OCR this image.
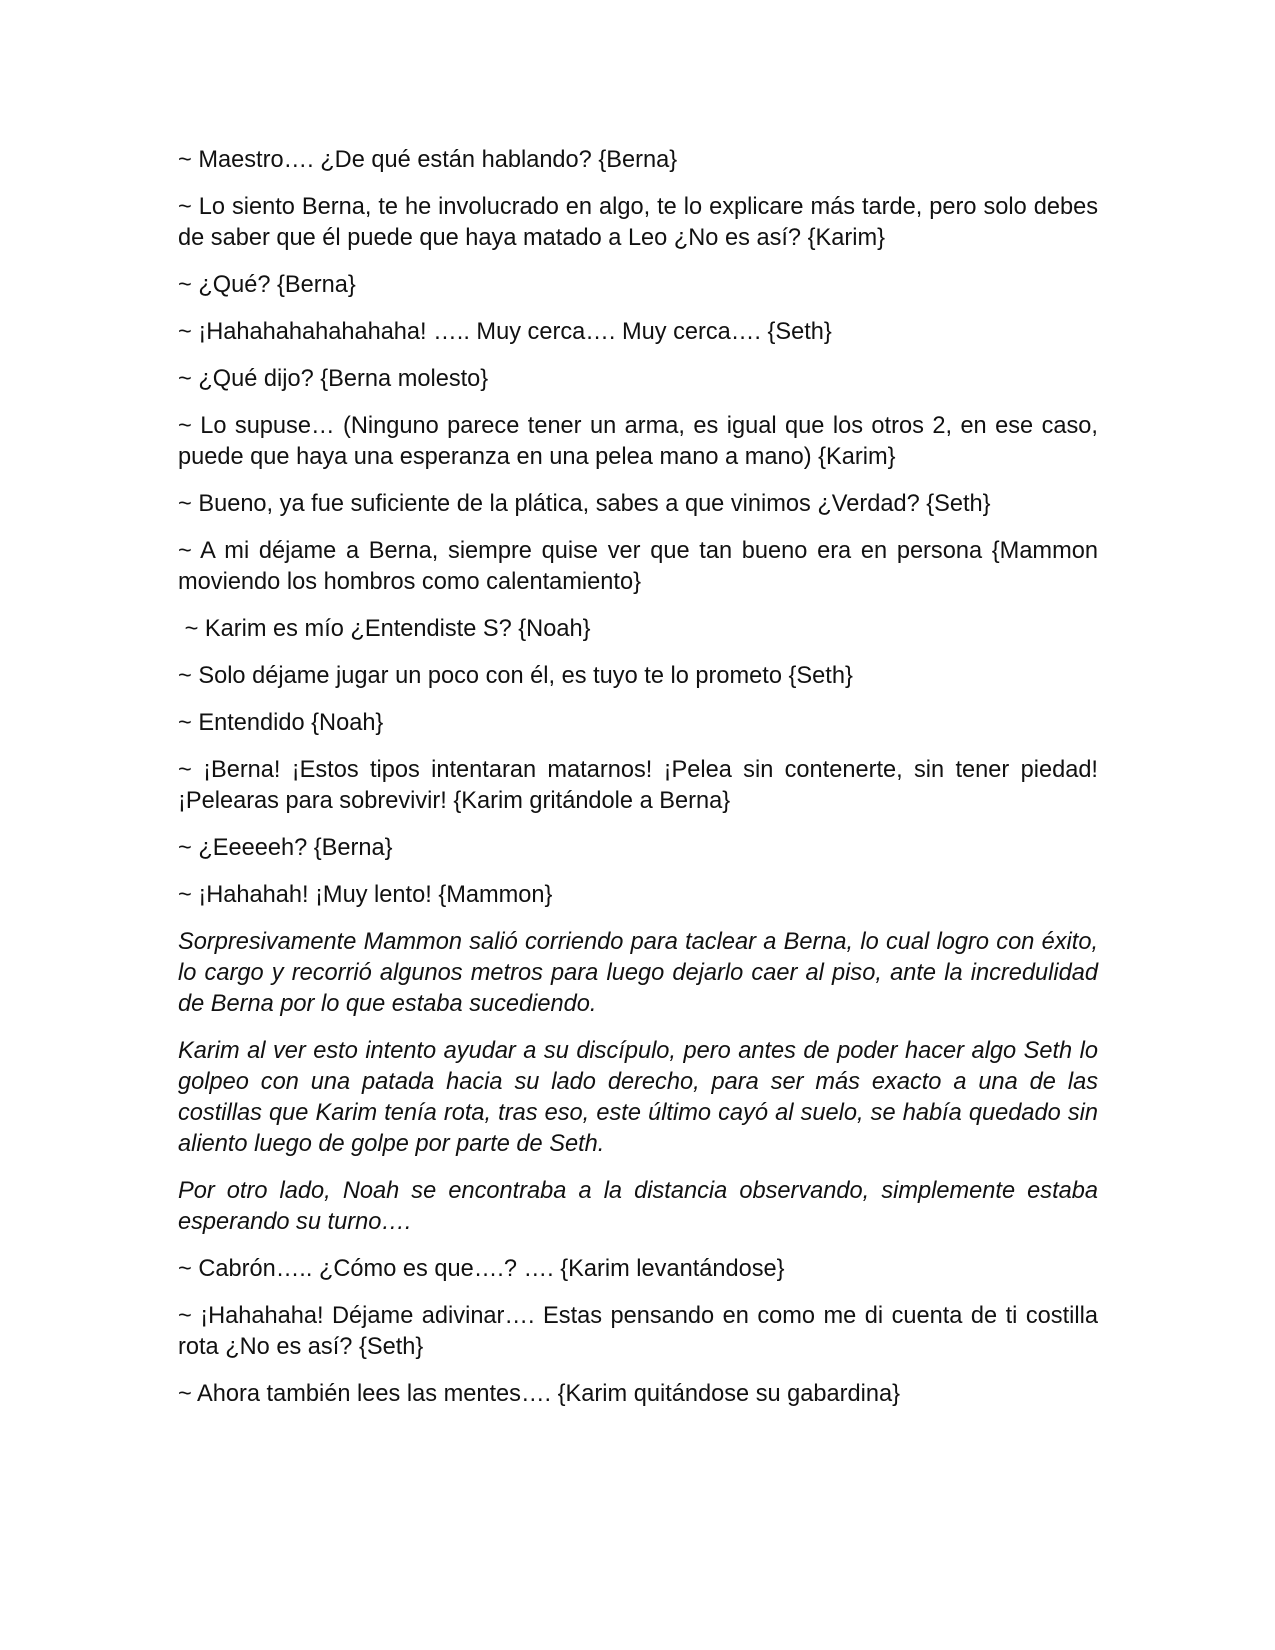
~ Maestro…. ¿De qué están hablando? {Berna}

~ Lo siento Berna, te he involucrado en algo, te lo explicare más tarde, pero solo debes de saber que él puede que haya matado a Leo ¿No es así? {Karim}

~ ¿Qué? {Berna}

~ ¡Hahahahahahahaha! ….. Muy cerca…. Muy cerca…. {Seth}

~ ¿Qué dijo? {Berna molesto}

~ Lo supuse… (Ninguno parece tener un arma, es igual que los otros 2, en ese caso, puede que haya una esperanza en una pelea mano a mano) {Karim}

~ Bueno, ya fue suficiente de la plática, sabes a que vinimos ¿Verdad? {Seth}

~ A mi déjame a Berna, siempre quise ver que tan bueno era en persona {Mammon moviendo los hombros como calentamiento}

~ Karim es mío ¿Entendiste S? {Noah}

~ Solo déjame jugar un poco con él, es tuyo te lo prometo {Seth}

~ Entendido {Noah}

~ ¡Berna! ¡Estos tipos intentaran matarnos! ¡Pelea sin contenerte, sin tener piedad! ¡Pelearas para sobrevivir! {Karim gritándole a Berna}

~ ¿Eeeeeh? {Berna}

~ ¡Hahahah! ¡Muy lento! {Mammon}

Sorpresivamente Mammon salió corriendo para taclear a Berna, lo cual logro con éxito, lo cargo y recorrió algunos metros para luego dejarlo caer al piso, ante la incredulidad de Berna por lo que estaba sucediendo.

Karim al ver esto intento ayudar a su discípulo, pero antes de poder hacer algo Seth lo golpeo con una patada hacia su lado derecho, para ser más exacto a una de las costillas que Karim tenía rota, tras eso, este último cayó al suelo, se había quedado sin aliento luego de golpe por parte de Seth.

Por otro lado, Noah se encontraba a la distancia observando, simplemente estaba esperando su turno….

~ Cabrón….. ¿Cómo es que….? …. {Karim levantándose}

~ ¡Hahahaha! Déjame adivinar…. Estas pensando en como me di cuenta de ti costilla rota ¿No es así? {Seth}

~ Ahora también lees las mentes…. {Karim quitándose su gabardina}
